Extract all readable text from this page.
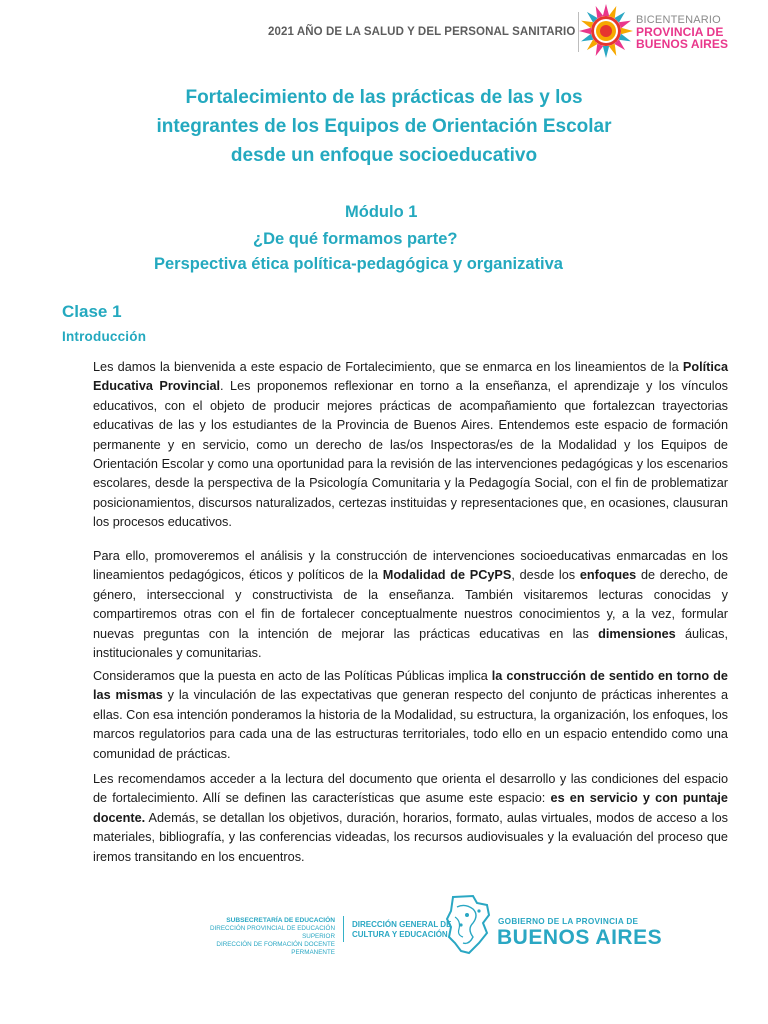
2021 AÑO DE LA SALUD Y DEL PERSONAL SANITARIO
BICENTENARIO
PROVINCIA DE
BUENOS AIRES
Fortalecimiento de las prácticas de las y los
integrantes de los Equipos de Orientación Escolar
desde un enfoque socioeducativo
Módulo 1
¿De qué formamos parte?
Perspectiva ética política-pedagógica y organizativa
Clase 1
Introducción
Les damos la bienvenida a este espacio de Fortalecimiento, que se enmarca en los lineamientos de la Política Educativa Provincial. Les proponemos reflexionar en torno a la enseñanza, el aprendizaje y los vínculos educativos, con el objeto de producir mejores prácticas de acompañamiento que fortalezcan trayectorias educativas de las y los estudiantes de la Provincia de Buenos Aires. Entendemos este espacio de formación permanente y en servicio, como un derecho de las/os Inspectoras/es de la Modalidad y los Equipos de Orientación Escolar y como una oportunidad para la revisión de las intervenciones pedagógicas y los escenarios escolares, desde la perspectiva de la Psicología Comunitaria y la Pedagogía Social, con el fin de problematizar posicionamientos, discursos naturalizados, certezas instituidas y representaciones que, en ocasiones, clausuran los procesos educativos.
Para ello, promoveremos el análisis y la construcción de intervenciones socioeducativas enmarcadas en los lineamientos pedagógicos, éticos y políticos de la Modalidad de PCyPS, desde los enfoques de derecho, de género, interseccional y constructivista de la enseñanza. También visitaremos lecturas conocidas y compartiremos otras con el fin de fortalecer conceptualmente nuestros conocimientos y, a la vez, formular nuevas preguntas con la intención de mejorar las prácticas educativas en las dimensiones áulicas, institucionales y comunitarias.
Consideramos que la puesta en acto de las Políticas Públicas implica la construcción de sentido en torno de las mismas y la vinculación de las expectativas que generan respecto del conjunto de prácticas inherentes a ellas. Con esa intención ponderamos la historia de la Modalidad, su estructura, la organización, los enfoques, los marcos regulatorios para cada una de las estructuras territoriales, todo ello en un espacio entendido como una comunidad de prácticas.
Les recomendamos acceder a la lectura del documento que orienta el desarrollo y las condiciones del espacio de fortalecimiento. Allí se definen las características que asume este espacio: es en servicio y con puntaje docente. Además, se detallan los objetivos, duración, horarios, formato, aulas virtuales, modos de acceso a los materiales, bibliografía, y las conferencias videadas, los recursos audiovisuales y la evaluación del proceso que iremos transitando en los encuentros.
SUBSECRETARÍA DE EDUCACIÓN
DIRECCIÓN PROVINCIAL DE EDUCACIÓN SUPERIOR
DIRECCIÓN DE FORMACIÓN DOCENTE PERMANENTE
DIRECCIÓN GENERAL DE
CULTURA Y EDUCACIÓN
GOBIERNO DE LA PROVINCIA DE
BUENOS AIRES
